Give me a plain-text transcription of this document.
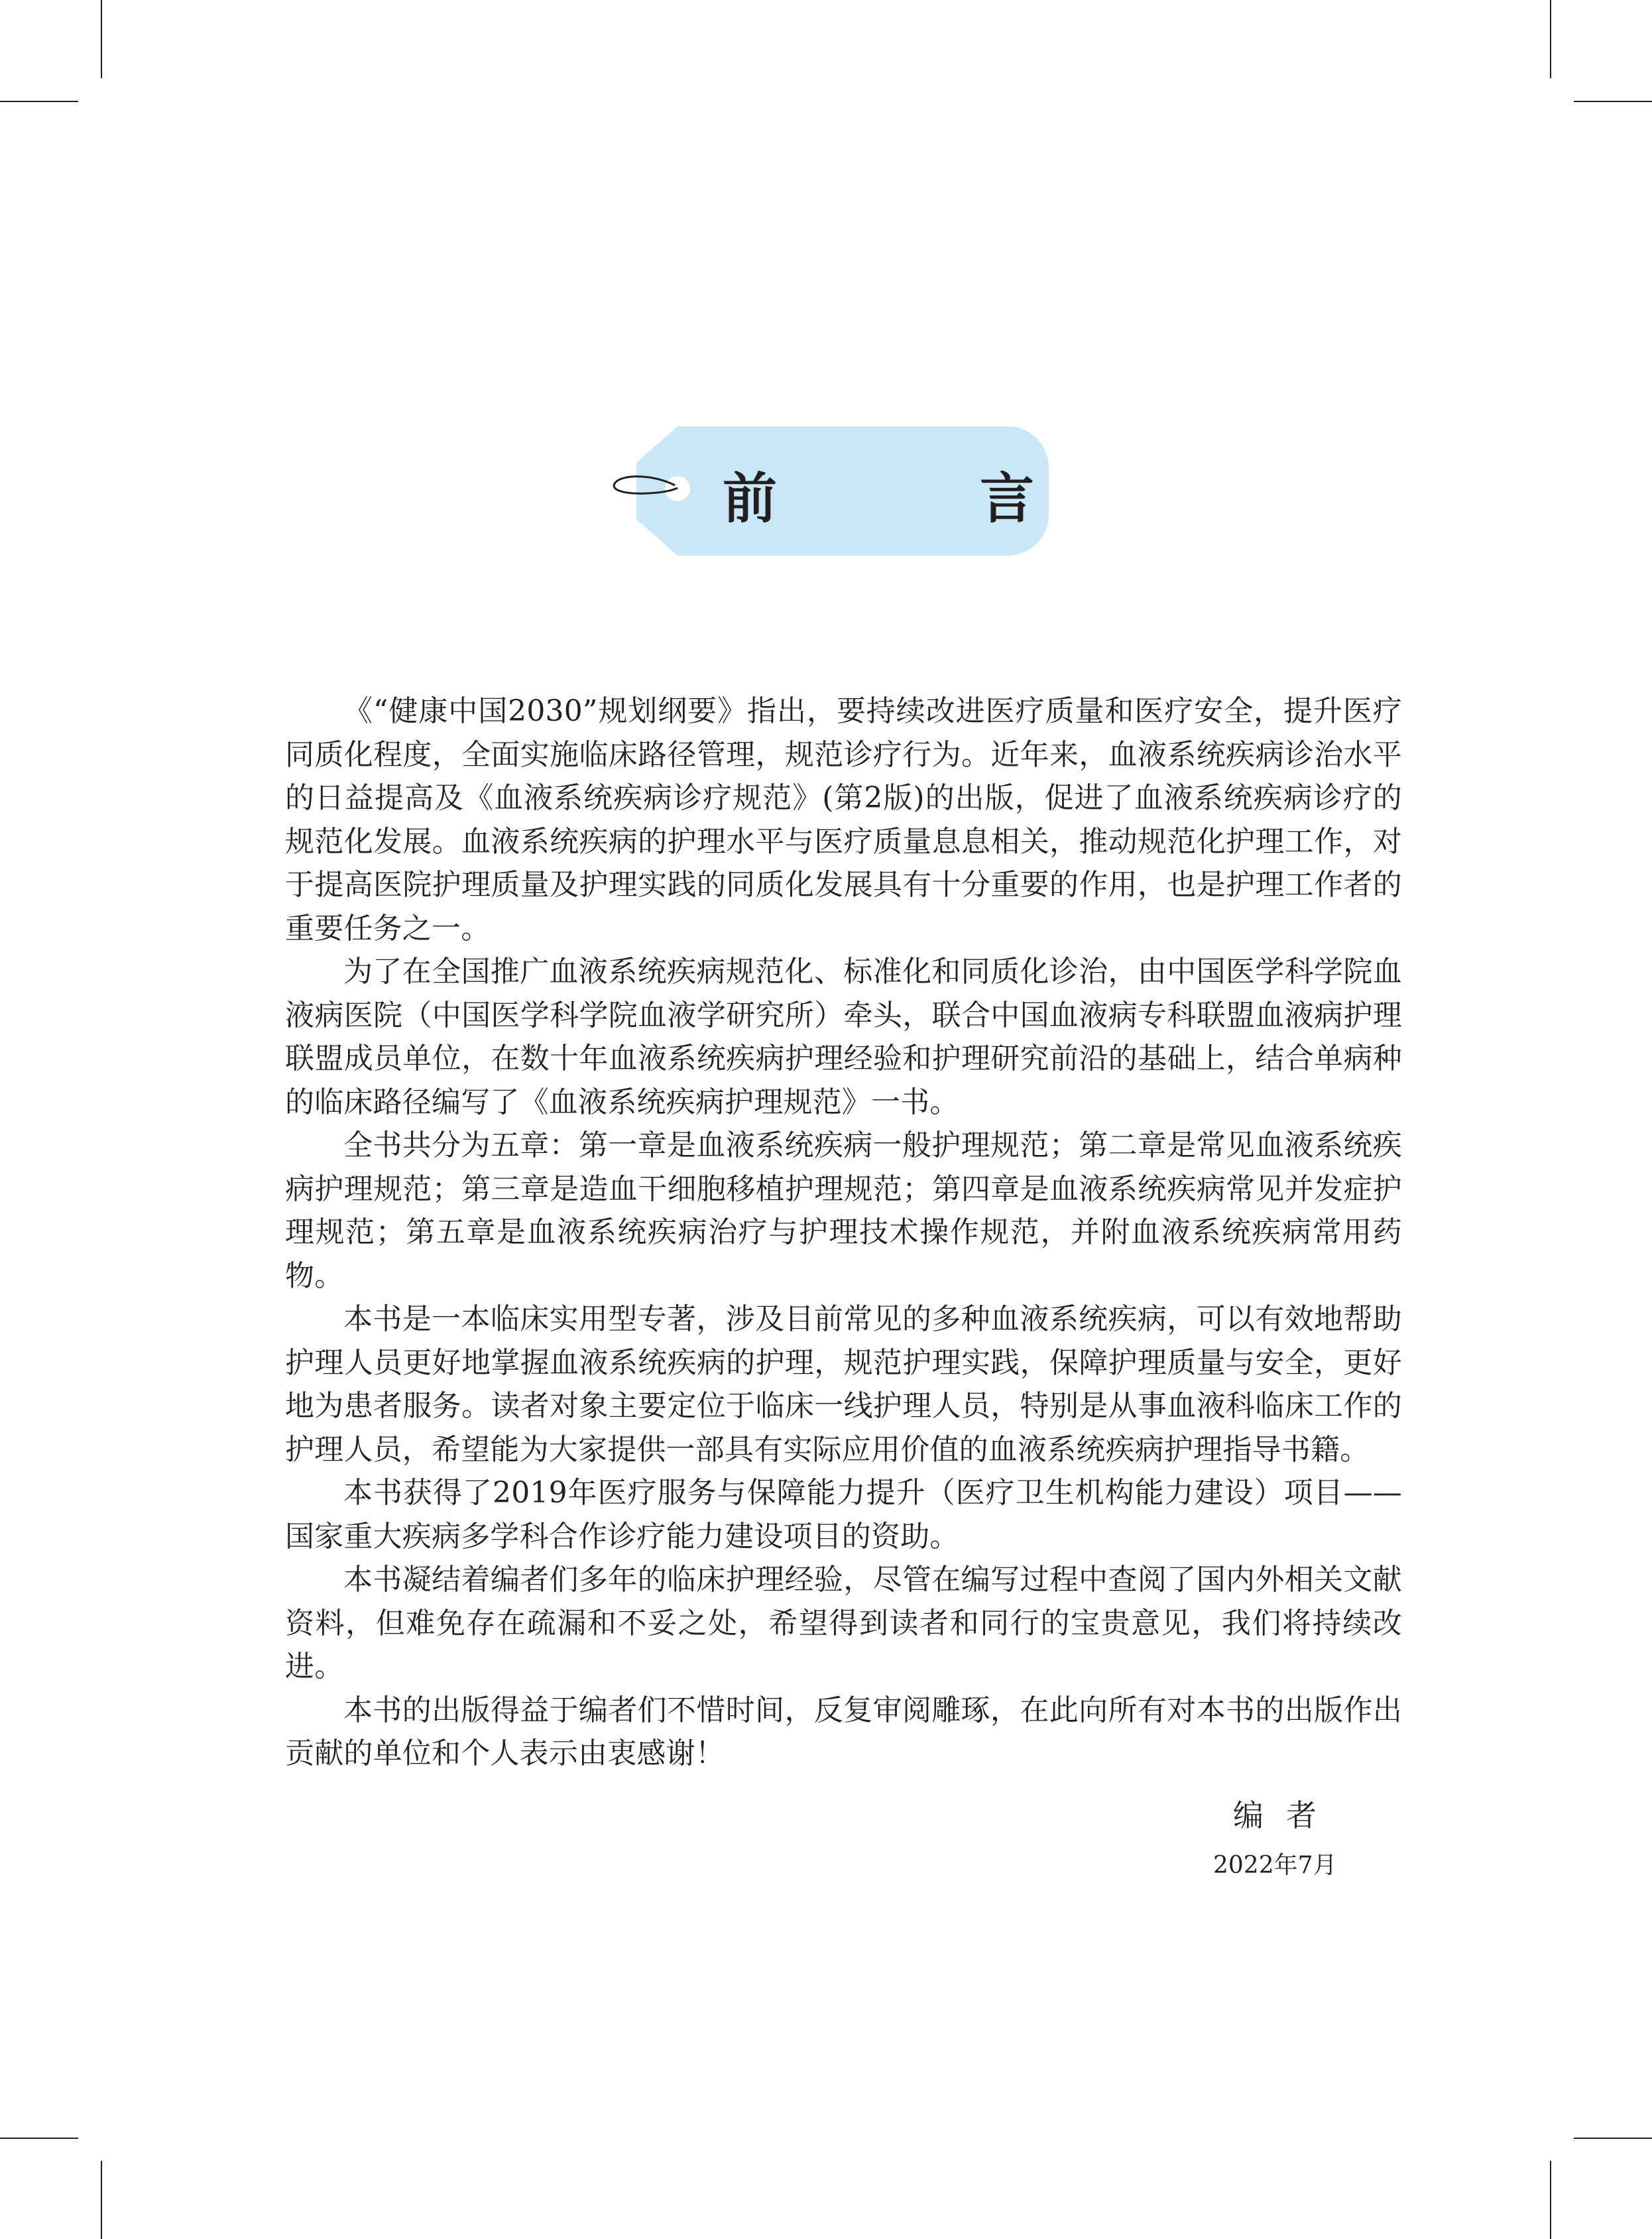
前	言

《“健康中国2030”规划纲要》指出，要持续改进医疗质量和医疗安全，提升医疗同质化程度，全面实施临床路径管理，规范诊疗行为。近年来，血液系统疾病诊治水平的日益提高及《血液系统疾病诊疗规范》(第2版)的出版，促进了血液系统疾病诊疗的规范化发展。血液系统疾病的护理水平与医疗质量息息相关，推动规范化护理工作，对于提高医院护理质量及护理实践的同质化发展具有十分重要的作用，也是护理工作者的重要任务之一。

为了在全国推广血液系统疾病规范化、标准化和同质化诊治，由中国医学科学院血液病医院（中国医学科学院血液学研究所）牵头，联合中国血液病专科联盟血液病护理联盟成员单位，在数十年血液系统疾病护理经验和护理研究前沿的基础上，结合单病种的临床路径编写了《血液系统疾病护理规范》一书。

全书共分为五章：第一章是血液系统疾病一般护理规范；第二章是常见血液系统疾病护理规范；第三章是造血干细胞移植护理规范；第四章是血液系统疾病常见并发症护理规范；第五章是血液系统疾病治疗与护理技术操作规范，并附血液系统疾病常用药物。

本书是一本临床实用型专著，涉及目前常见的多种血液系统疾病，可以有效地帮助护理人员更好地掌握血液系统疾病的护理，规范护理实践，保障护理质量与安全，更好地为患者服务。读者对象主要定位于临床一线护理人员，特别是从事血液科临床工作的护理人员，希望能为大家提供一部具有实际应用价值的血液系统疾病护理指导书籍。

本书获得了2019年医疗服务与保障能力提升（医疗卫生机构能力建设）项目——国家重大疾病多学科合作诊疗能力建设项目的资助。

本书凝结着编者们多年的临床护理经验，尽管在编写过程中查阅了国内外相关文献资料，但难免存在疏漏和不妥之处，希望得到读者和同行的宝贵意见，我们将持续改进。

本书的出版得益于编者们不惜时间，反复审阅雕琢，在此向所有对本书的出版作出贡献的单位和个人表示由衷感谢！

编者
2022年7月
